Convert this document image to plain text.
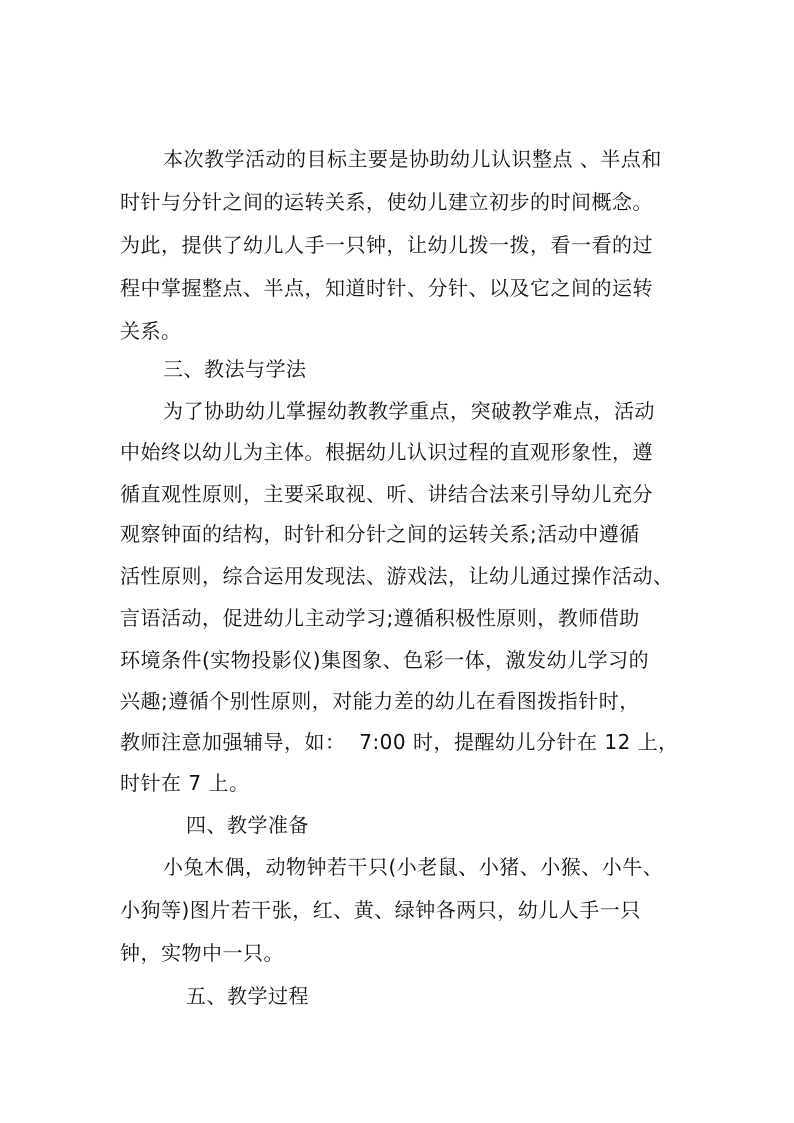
本次教学活动的目标主要是协助幼儿认识整点 、半点和
时针与分针之间的运转关系，使幼儿建立初步的时间概念。
为此，提供了幼儿人手一只钟，让幼儿拨一拨，看一看的过
程中掌握整点、半点，知道时针、分针、以及它之间的运转
关系。
三、教法与学法
为了协助幼儿掌握幼教教学重点，突破教学难点，活动
中始终以幼儿为主体。根据幼儿认识过程的直观形象性，遵
循直观性原则，主要采取视、听、讲结合法来引导幼儿充分
观察钟面的结构，时针和分针之间的运转关系;活动中遵循
活性原则，综合运用发现法、游戏法，让幼儿通过操作活动、
言语活动，促进幼儿主动学习;遵循积极性原则，教师借助
环境条件(实物投影仪)集图象、色彩一体，激发幼儿学习的
兴趣;遵循个别性原则，对能力差的幼儿在看图拨指针时，
教师注意加强辅导，如：  7:00 时，提醒幼儿分针在 12 上，
时针在 7 上。
四、教学准备
小兔木偶，动物钟若干只(小老鼠、小猪、小猴、小牛、
小狗等)图片若干张，红、黄、绿钟各两只，幼儿人手一只
钟，实物中一只。
五、教学过程
